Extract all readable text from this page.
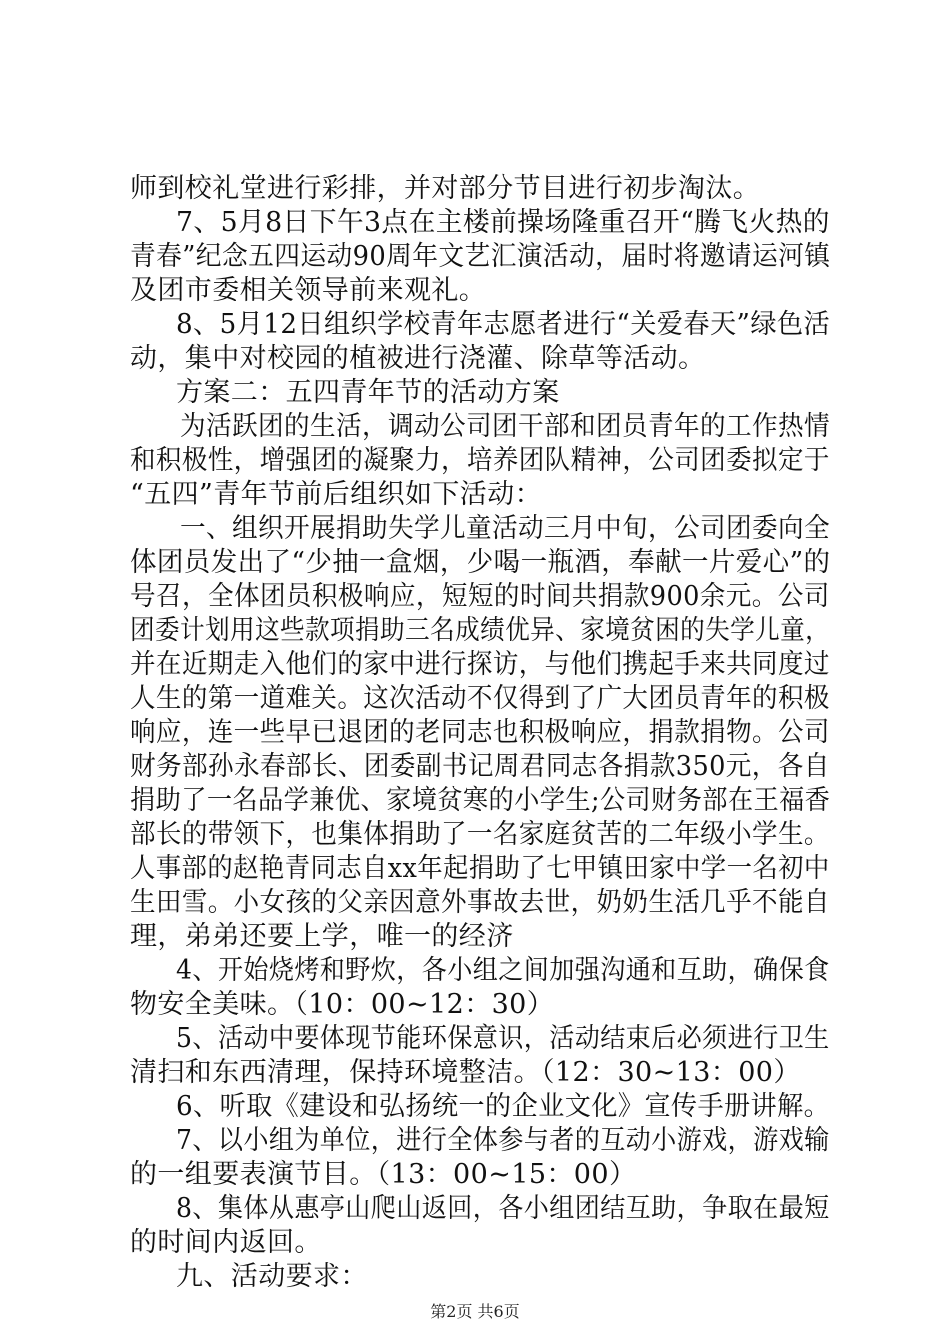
师到校礼堂进行彩排，并对部分节目进行初步淘汰。
7、5月8日下午3点在主楼前操场隆重召开“腾飞火热的
青春”纪念五四运动90周年文艺汇演活动，届时将邀请运河镇
及团市委相关领导前来观礼。
8、5月12日组织学校青年志愿者进行“关爱春天”绿色活
动，集中对校园的植被进行浇灌、除草等活动。
方案二：五四青年节的活动方案
为活跃团的生活，调动公司团干部和团员青年的工作热情
和积极性，增强团的凝聚力，培养团队精神，公司团委拟定于
“五四”青年节前后组织如下活动：
一、组织开展捐助失学儿童活动三月中旬，公司团委向全
体团员发出了“少抽一盒烟，少喝一瓶酒，奉献一片爱心”的
号召，全体团员积极响应，短短的时间共捐款900余元。公司
团委计划用这些款项捐助三名成绩优异、家境贫困的失学儿童，
并在近期走入他们的家中进行探访，与他们携起手来共同度过
人生的第一道难关。这次活动不仅得到了广大团员青年的积极
响应，连一些早已退团的老同志也积极响应，捐款捐物。公司
财务部孙永春部长、团委副书记周君同志各捐款350元，各自
捐助了一名品学兼优、家境贫寒的小学生;公司财务部在王福香
部长的带领下，也集体捐助了一名家庭贫苦的二年级小学生。
人事部的赵艳青同志自xx年起捐助了七甲镇田家中学一名初中
生田雪。小女孩的父亲因意外事故去世，奶奶生活几乎不能自
理，弟弟还要上学，唯一的经济
4、开始烧烤和野炊，各小组之间加强沟通和互助，确保食
物安全美味。（10：00~12：30）
5、活动中要体现节能环保意识，活动结束后必须进行卫生
清扫和东西清理，保持环境整洁。（12：30~13：00）
6、听取《建设和弘扬统一的企业文化》宣传手册讲解。
7、以小组为单位，进行全体参与者的互动小游戏，游戏输
的一组要表演节目。（13：00~15：00）
8、集体从惠亭山爬山返回，各小组团结互助，争取在最短
的时间内返回。
九、活动要求：
第2页 共6页
